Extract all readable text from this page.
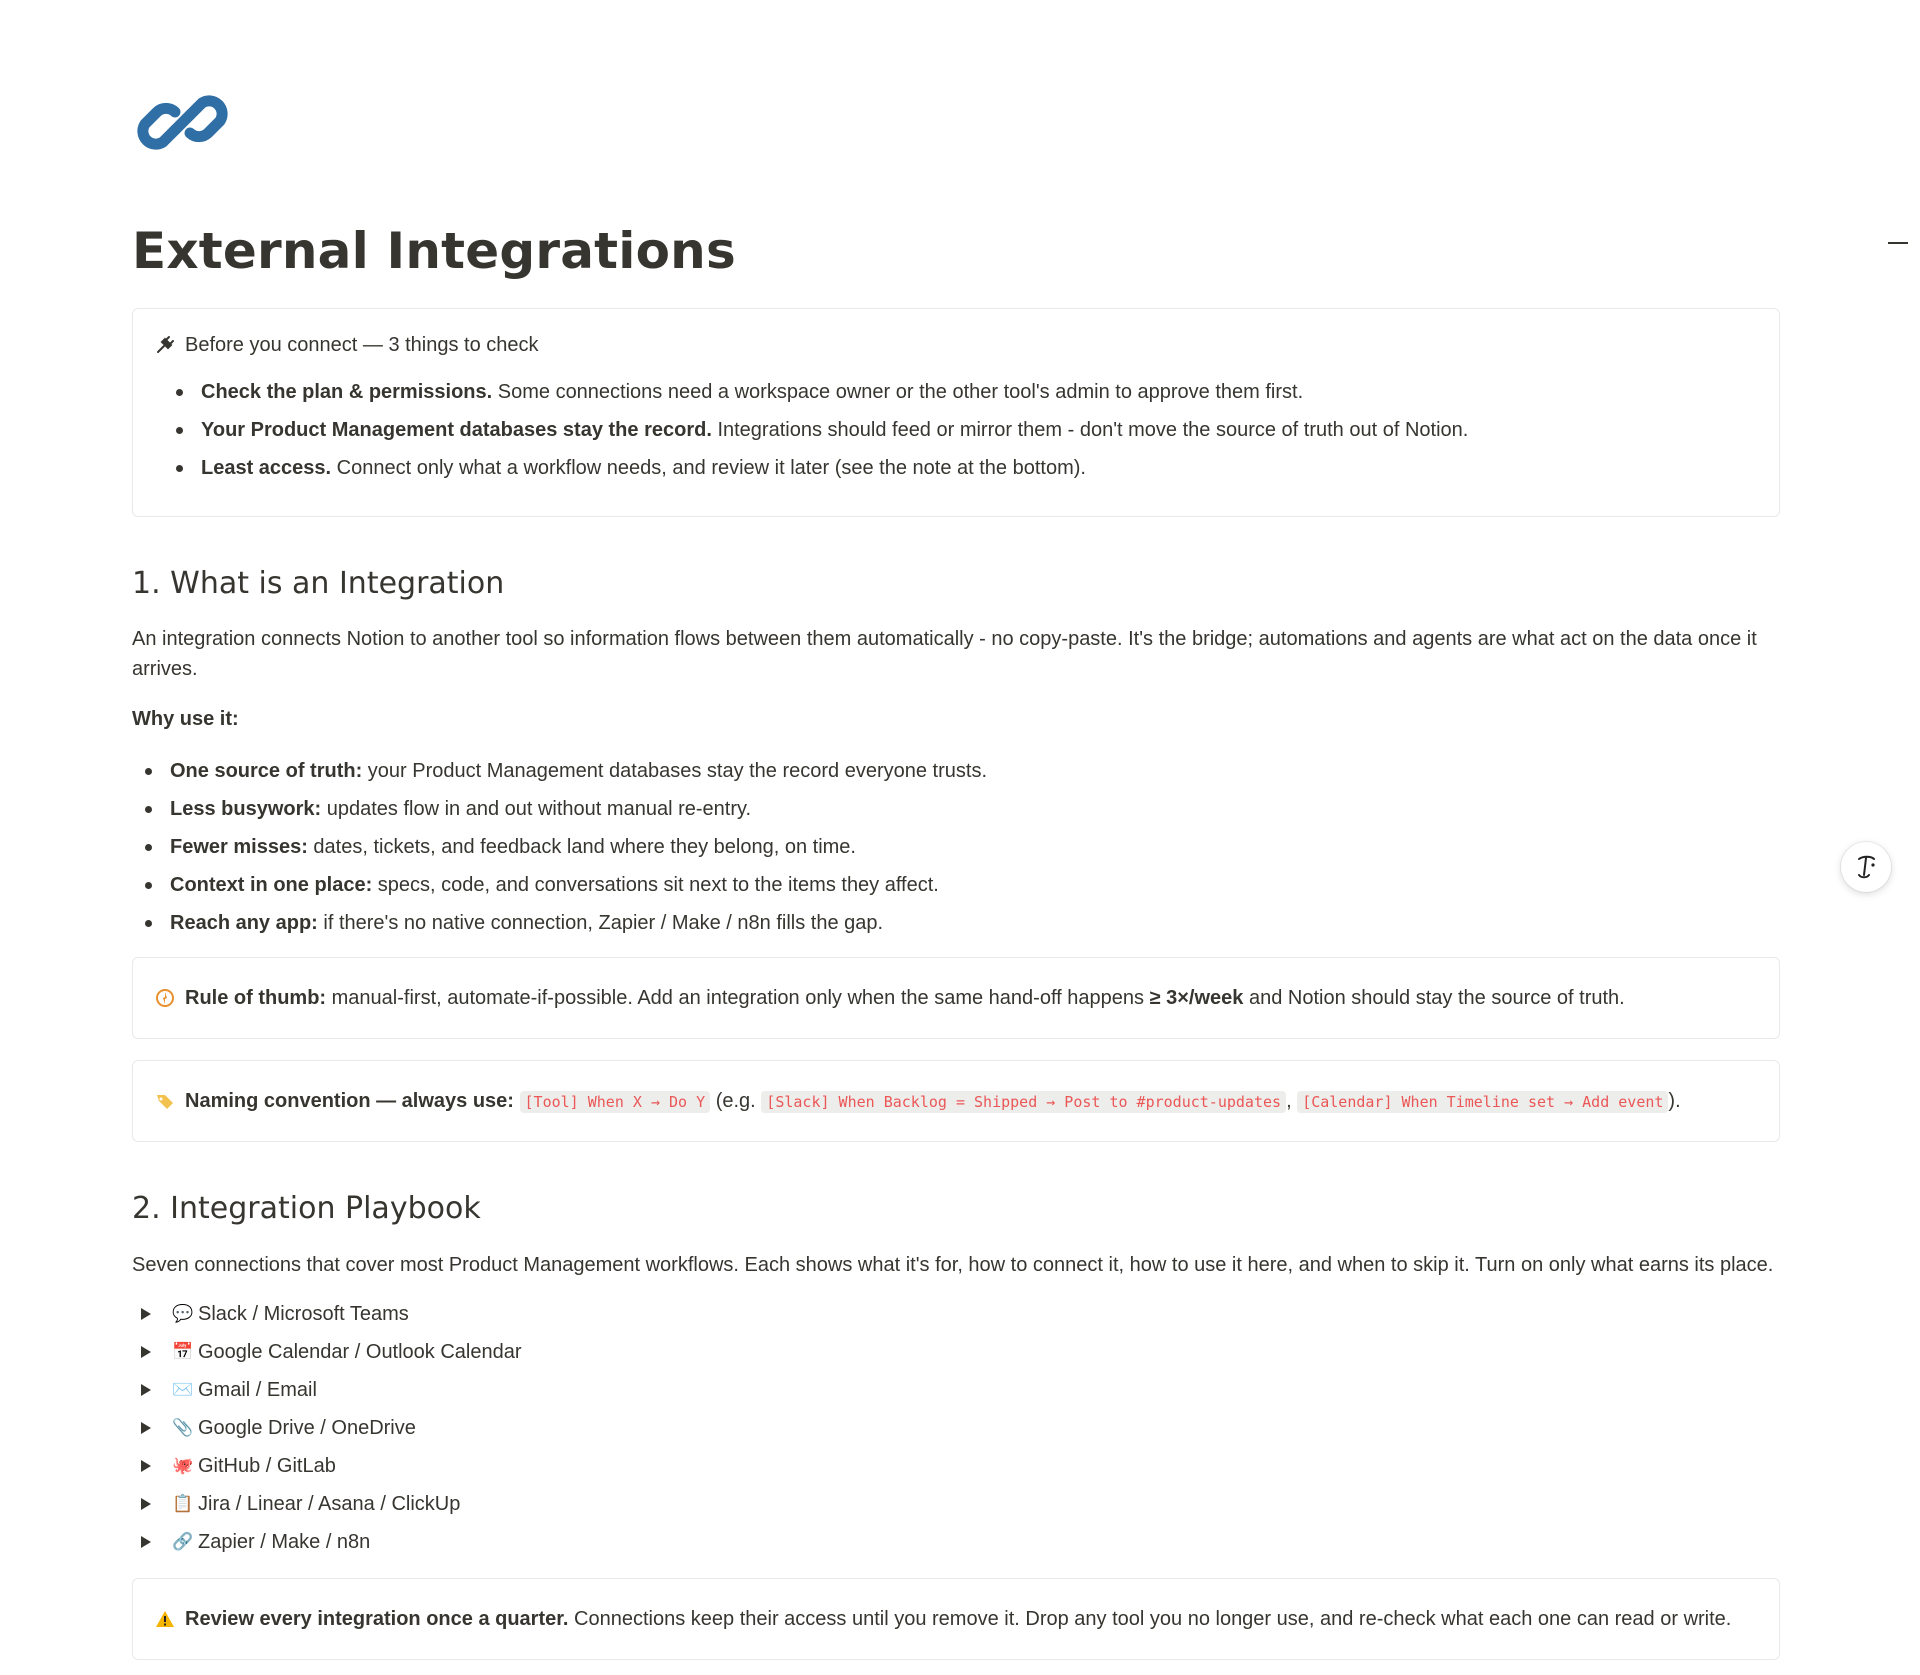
External Integrations
Before you connect — 3 things to check
Check the plan & permissions. Some connections need a workspace owner or the other tool's admin to approve them first.
Your Product Management databases stay the record. Integrations should feed or mirror them - don't move the source of truth out of Notion.
Least access. Connect only what a workflow needs, and review it later (see the note at the bottom).
1. What is an Integration

An integration connects Notion to another tool so information flows between them automatically - no copy-paste. It's the bridge; automations and agents are what act on the data once it arrives.

Why use it:

One source of truth: your Product Management databases stay the record everyone trusts.
Less busywork: updates flow in and out without manual re-entry.
Fewer misses: dates, tickets, and feedback land where they belong, on time.
Context in one place: specs, code, and conversations sit next to the items they affect.
Reach any app: if there's no native connection, Zapier / Make / n8n fills the gap.
Rule of thumb: manual-first, automate-if-possible. Add an integration only when the same hand-off happens ≥ 3×/week and Notion should stay the source of truth.
Naming convention — always use: [Tool] When X → Do Y (e.g. [Slack] When Backlog = Shipped → Post to #product-updates , [Calendar] When Timeline set → Add event ).
2. Integration Playbook

Seven connections that cover most Product Management workflows. Each shows what it's for, how to connect it, how to use it here, and when to skip it. Turn on only what earns its place.

💬 Slack / Microsoft Teams
📅 Google Calendar / Outlook Calendar
✉️ Gmail / Email
📎 Google Drive / OneDrive
🐙 GitHub / GitLab
📋 Jira / Linear / Asana / ClickUp
🔗 Zapier / Make / n8n
Review every integration once a quarter. Connections keep their access until you remove it. Drop any tool you no longer use, and re-check what each one can read or write.
